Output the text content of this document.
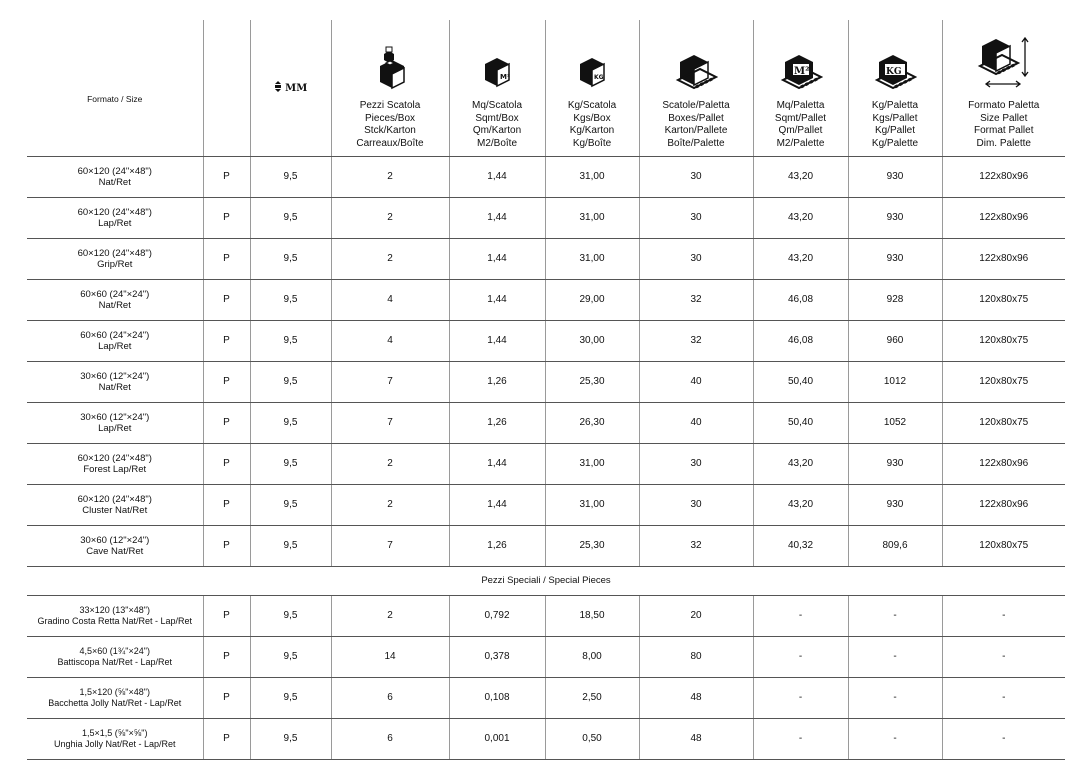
Formato / Size		MM	Pezzi Scatola
Pieces/Box
Stck/Karton
Carreaux/Boîte	M²
Mq/Scatola
Sqmt/Box
Qm/Karton
M2/Boîte	KG
Kg/Scatola
Kgs/Box
Kg/Karton
Kg/Boîte	Scatole/Paletta
Boxes/Pallet
Karton/Pallete
Boîte/Palette	M²
Mq/Paletta
Sqmt/Pallet
Qm/Pallet
M2/Palette	KG
Kg/Paletta
Kgs/Pallet
Kg/Pallet
Kg/Palette	Formato Paletta
Size Pallet
Format Pallet
Dim. Palette
60×120 (24"×48")
Nat/Ret	P	9,5	2	1,44	31,00	30	43,20	930	122x80x96
60×120 (24"×48")
Lap/Ret	P	9,5	2	1,44	31,00	30	43,20	930	122x80x96
60×120 (24"×48")
Grip/Ret	P	9,5	2	1,44	31,00	30	43,20	930	122x80x96
60×60 (24"×24")
Nat/Ret	P	9,5	4	1,44	29,00	32	46,08	928	120x80x75
60×60 (24"×24")
Lap/Ret	P	9,5	4	1,44	30,00	32	46,08	960	120x80x75
30×60 (12"×24")
Nat/Ret	P	9,5	7	1,26	25,30	40	50,40	1012	120x80x75
30×60 (12"×24")
Lap/Ret	P	9,5	7	1,26	26,30	40	50,40	1052	120x80x75
60×120 (24"×48")
Forest Lap/Ret	P	9,5	2	1,44	31,00	30	43,20	930	122x80x96
60×120 (24"×48")
Cluster Nat/Ret	P	9,5	2	1,44	31,00	30	43,20	930	122x80x96
30×60 (12"×24")
Cave Nat/Ret	P	9,5	7	1,26	25,30	32	40,32	809,6	120x80x75
Pezzi Speciali / Special Pieces									
33×120 (13"×48")
Gradino Costa Retta Nat/Ret - Lap/Ret	P	9,5	2	0,792	18,50	20	-	-	-
4,5×60 (1¾"×24")
Battiscopa Nat/Ret - Lap/Ret	P	9,5	14	0,378	8,00	80	-	-	-
1,5×120 (⅝"×48")
Bacchetta Jolly Nat/Ret - Lap/Ret	P	9,5	6	0,108	2,50	48	-	-	-
1,5×1,5 (⅝"×⅝")
Unghia Jolly Nat/Ret - Lap/Ret	P	9,5	6	0,001	0,50	48	-	-	-
